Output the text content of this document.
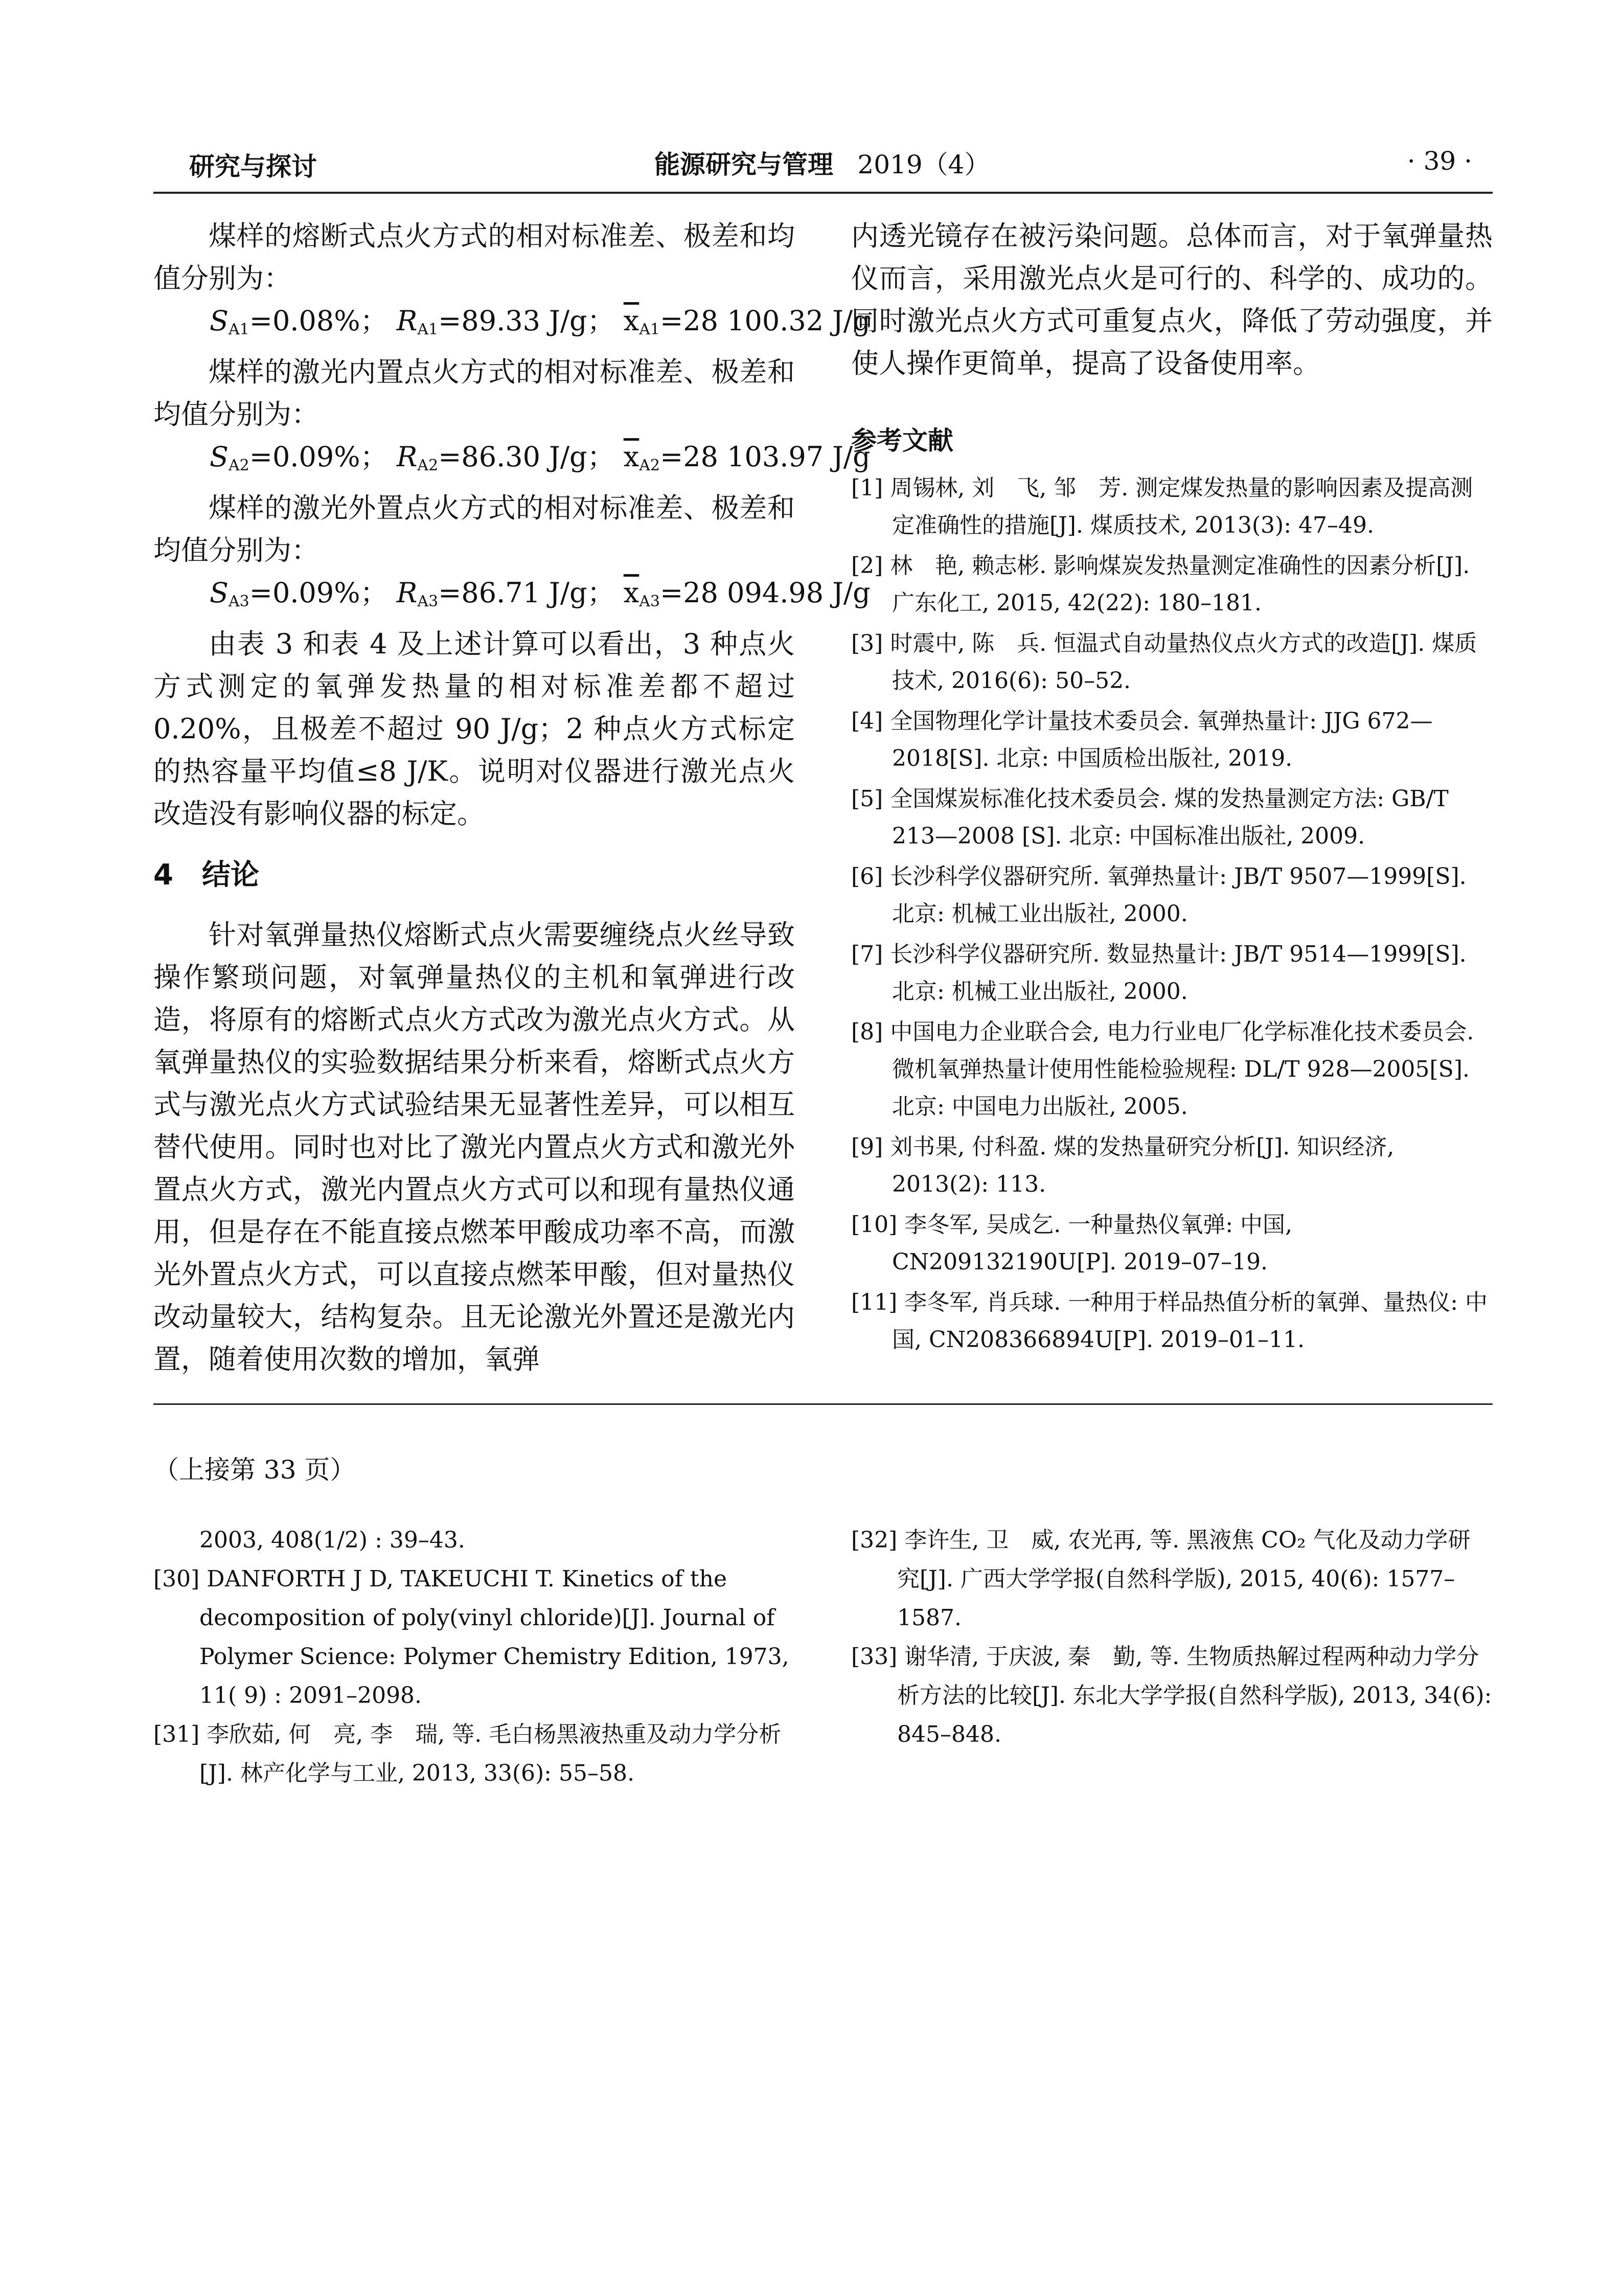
研究与探讨	能源研究与管理 2019（4）	· 39 ·

煤样的熔断式点火方式的相对标准差、极差和均值分别为：

$S_{A1}=0.08\%$； $R_{A1}=89.33$ J/g； $\overline{x}_{A1}=28$ 100.32 J/g

煤样的激光内置点火方式的相对标准差、极差和均值分别为：

$S_{A2}=0.09\%$； $R_{A2}=86.30$ J/g； $\overline{x}_{A2}=28$ 103.97 J/g

煤样的激光外置点火方式的相对标准差、极差和均值分别为：

$S_{A3}=0.09\%$； $R_{A3}=86.71$ J/g； $\overline{x}_{A3}=28$ 094.98 J/g

由表 3 和表 4 及上述计算可以看出，3 种点火方式测定的氧弹发热量的相对标准差都不超过 0.20%，且极差不超过 90 J/g；2 种点火方式标定的热容量平均值≤8 J/K。说明对仪器进行激光点火改造没有影响仪器的标定。

4 结论

针对氧弹量热仪熔断式点火需要缠绕点火丝导致操作繁琐问题，对氧弹量热仪的主机和氧弹进行改造，将原有的熔断式点火方式改为激光点火方式。从氧弹量热仪的实验数据结果分析来看，熔断式点火方式与激光点火方式试验结果无显著性差异，可以相互替代使用。同时也对比了激光内置点火方式和激光外置点火方式，激光内置点火方式可以和现有量热仪通用，但是存在不能直接点燃苯甲酸成功率不高，而激光外置点火方式，可以直接点燃苯甲酸，但对量热仪改动量较大，结构复杂。且无论激光外置还是激光内置，随着使用次数的增加，氧弹

内透光镜存在被污染问题。总体而言，对于氧弹量热仪而言，采用激光点火是可行的、科学的、成功的。同时激光点火方式可重复点火，降低了劳动强度，并使人操作更简单，提高了设备使用率。

参考文献

[1] 周锡林, 刘　飞, 邹　芳. 测定煤发热量的影响因素及提高测定准确性的措施[J]. 煤质技术, 2013(3): 47–49.

[2] 林　艳, 赖志彬. 影响煤炭发热量测定准确性的因素分析[J]. 广东化工, 2015, 42(22): 180–181.

[3] 时震中, 陈　兵. 恒温式自动量热仪点火方式的改造[J]. 煤质技术, 2016(6): 50–52.

[4] 全国物理化学计量技术委员会. 氧弹热量计: JJG 672—2018[S]. 北京: 中国质检出版社, 2019.

[5] 全国煤炭标准化技术委员会. 煤的发热量测定方法: GB/T 213—2008 [S]. 北京: 中国标准出版社, 2009.

[6] 长沙科学仪器研究所. 氧弹热量计: JB/T 9507—1999[S]. 北京: 机械工业出版社, 2000.

[7] 长沙科学仪器研究所. 数显热量计: JB/T 9514—1999[S]. 北京: 机械工业出版社, 2000.

[8] 中国电力企业联合会, 电力行业电厂化学标准化技术委员会. 微机氧弹热量计使用性能检验规程: DL/T 928—2005[S]. 北京: 中国电力出版社, 2005.

[9] 刘书果, 付科盈. 煤的发热量研究分析[J]. 知识经济, 2013(2): 113.

[10] 李冬军, 吴成乞. 一种量热仪氧弹: 中国, CN209132190U[P]. 2019–07–19.

[11] 李冬军, 肖兵球. 一种用于样品热值分析的氧弹、量热仪: 中国, CN208366894U[P]. 2019–01–11.

（上接第 33 页）

2003, 408(1/2) : 39–43.

[30] DANFORTH J D, TAKEUCHI T. Kinetics of the decomposition of poly(vinyl chloride)[J]. Journal of Polymer Science: Polymer Chemistry Edition, 1973, 11( 9) : 2091–2098.

[31] 李欣茹, 何　亮, 李　瑞, 等. 毛白杨黑液热重及动力学分析[J]. 林产化学与工业, 2013, 33(6): 55–58.

[32] 李许生, 卫　威, 农光再, 等. 黑液焦 CO₂ 气化及动力学研究[J]. 广西大学学报(自然科学版), 2015, 40(6): 1577–1587.

[33] 谢华清, 于庆波, 秦　勤, 等. 生物质热解过程两种动力学分析方法的比较[J]. 东北大学学报(自然科学版), 2013, 34(6): 845–848.
